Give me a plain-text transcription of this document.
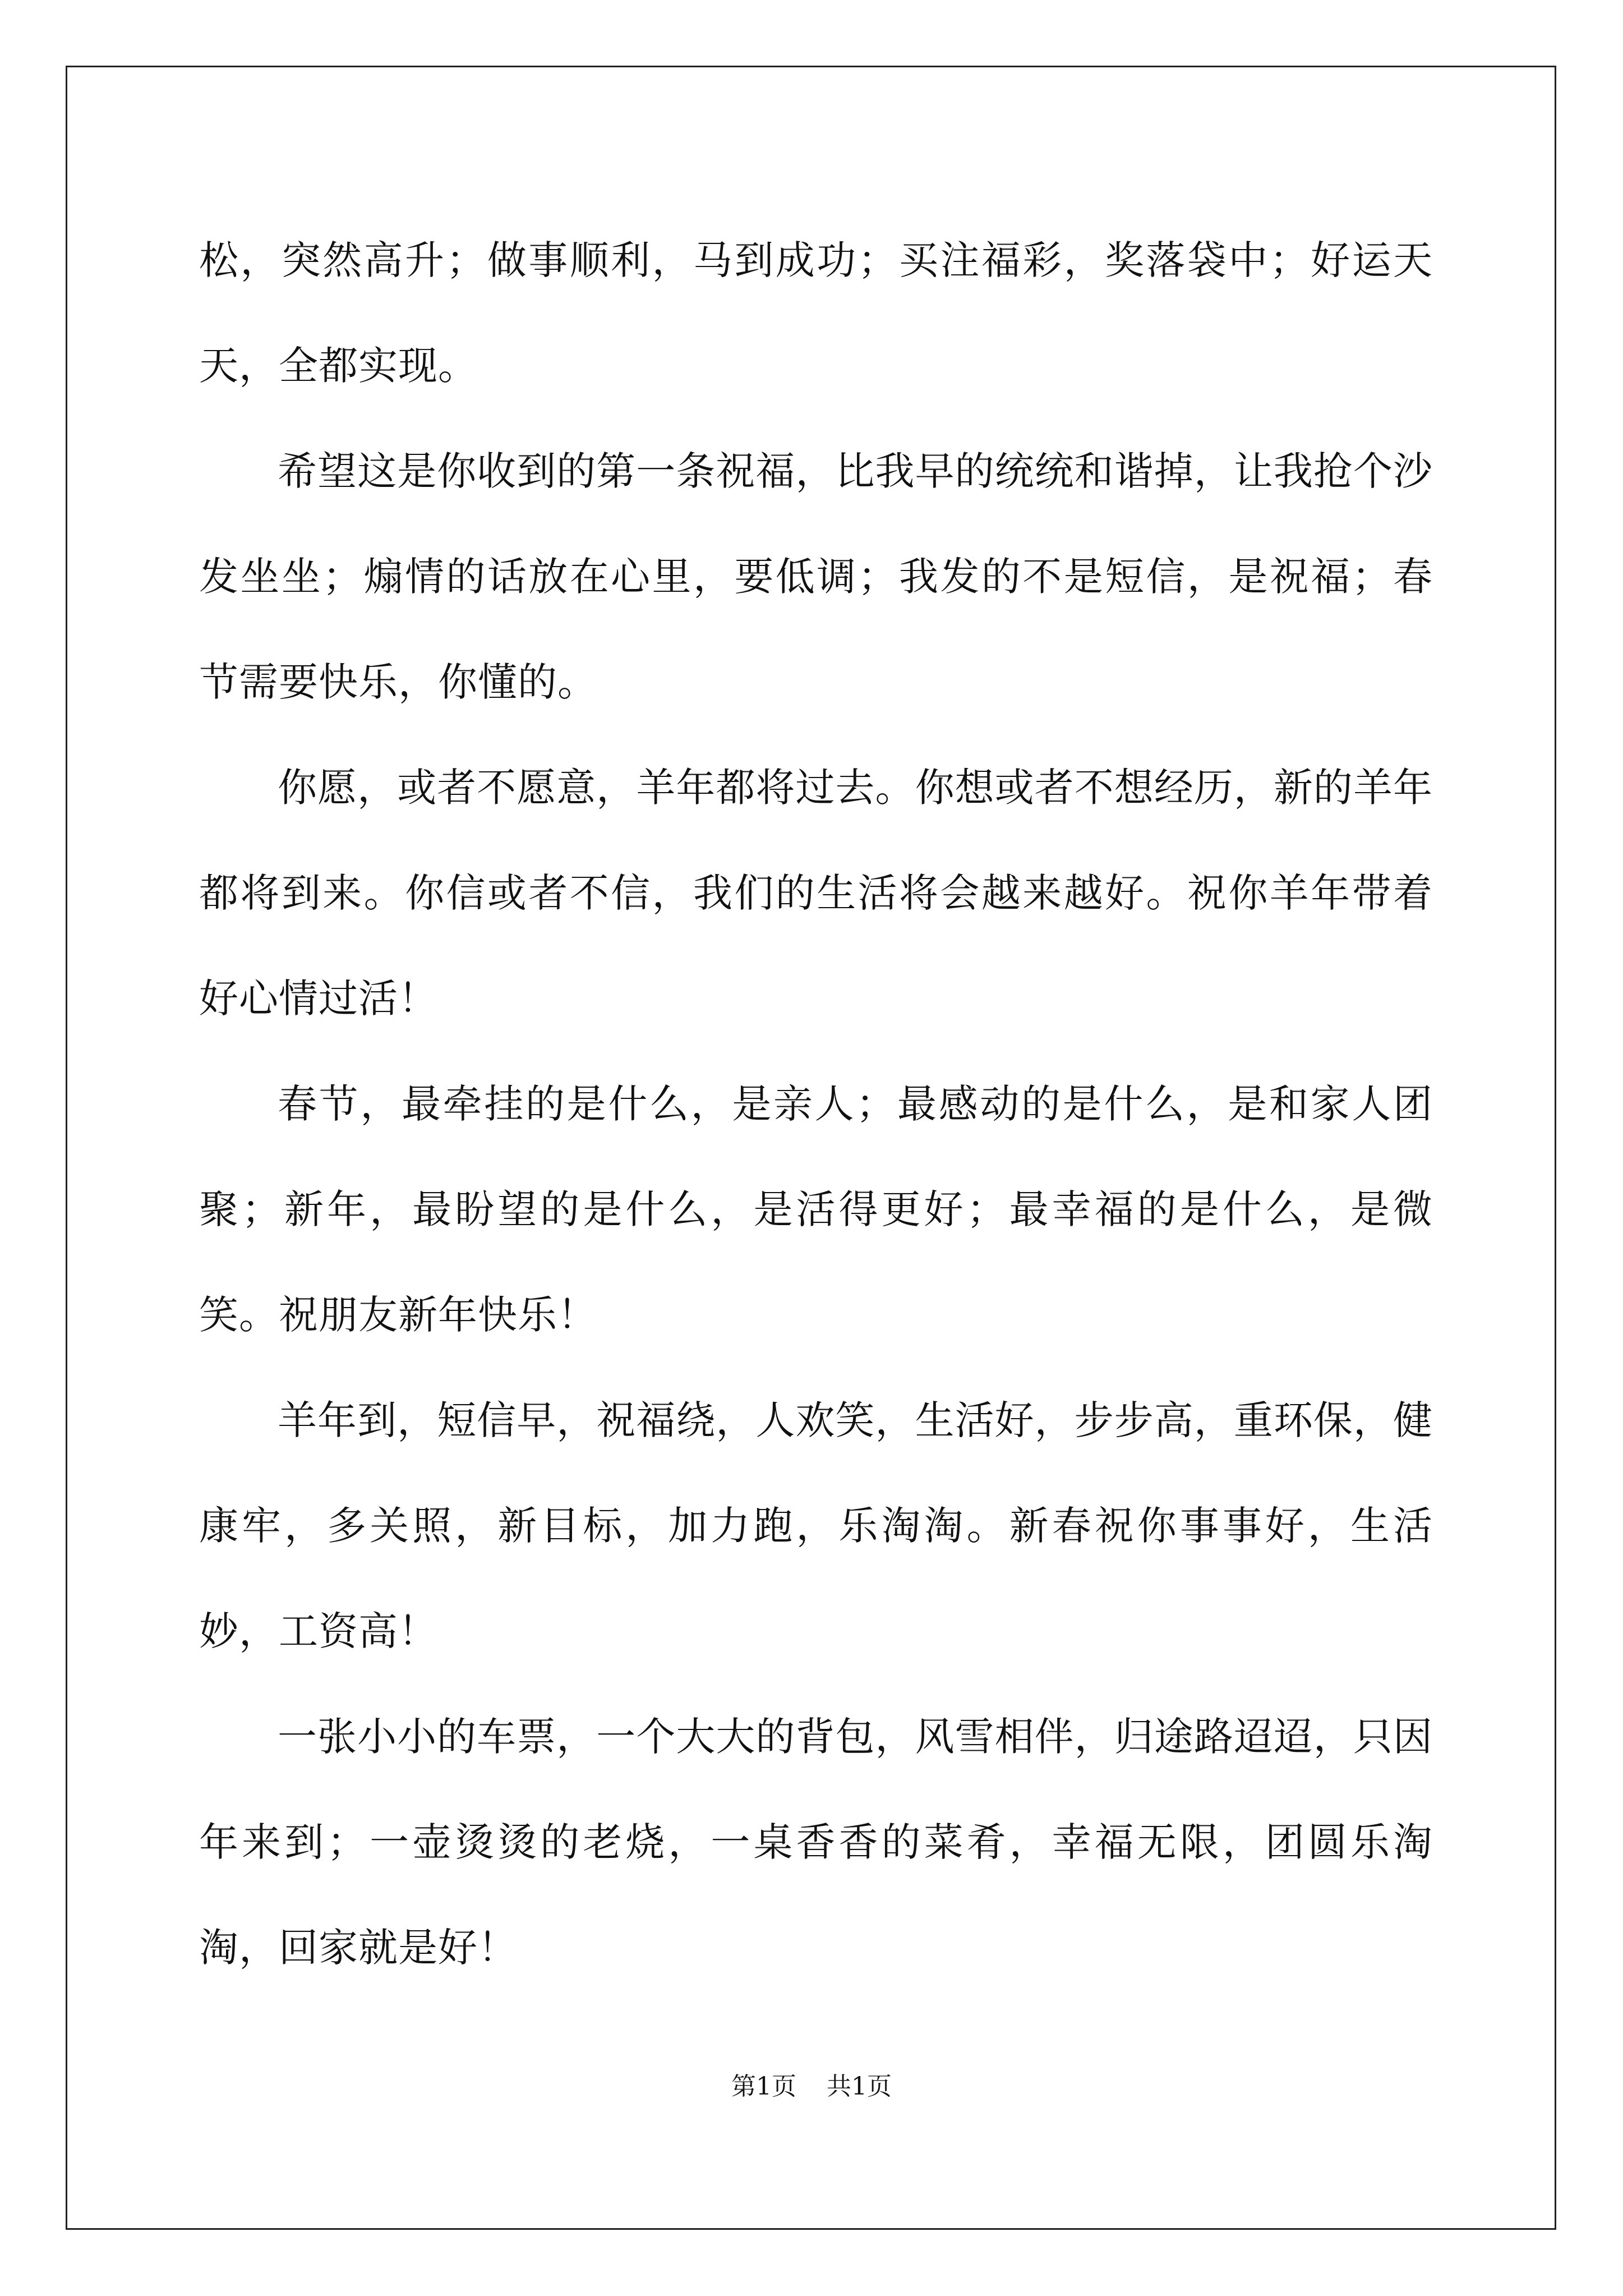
松，突然高升；做事顺利，马到成功；买注福彩，奖落袋中；好运天天，全都实现。

希望这是你收到的第一条祝福，比我早的统统和谐掉，让我抢个沙发坐坐；煽情的话放在心里，要低调；我发的不是短信，是祝福；春节需要快乐，你懂的。

你愿，或者不愿意，羊年都将过去。你想或者不想经历，新的羊年都将到来。你信或者不信，我们的生活将会越来越好。祝你羊年带着好心情过活！

春节，最牵挂的是什么，是亲人；最感动的是什么，是和家人团聚；新年，最盼望的是什么，是活得更好；最幸福的是什么，是微笑。祝朋友新年快乐！

羊年到，短信早，祝福绕，人欢笑，生活好，步步高，重环保，健康牢，多关照，新目标，加力跑，乐淘淘。新春祝你事事好，生活妙，工资高！

一张小小的车票，一个大大的背包，风雪相伴，归途路迢迢，只因年来到；一壶烫烫的老烧，一桌香香的菜肴，幸福无限，团圆乐淘淘，回家就是好！

第1页 共1页
